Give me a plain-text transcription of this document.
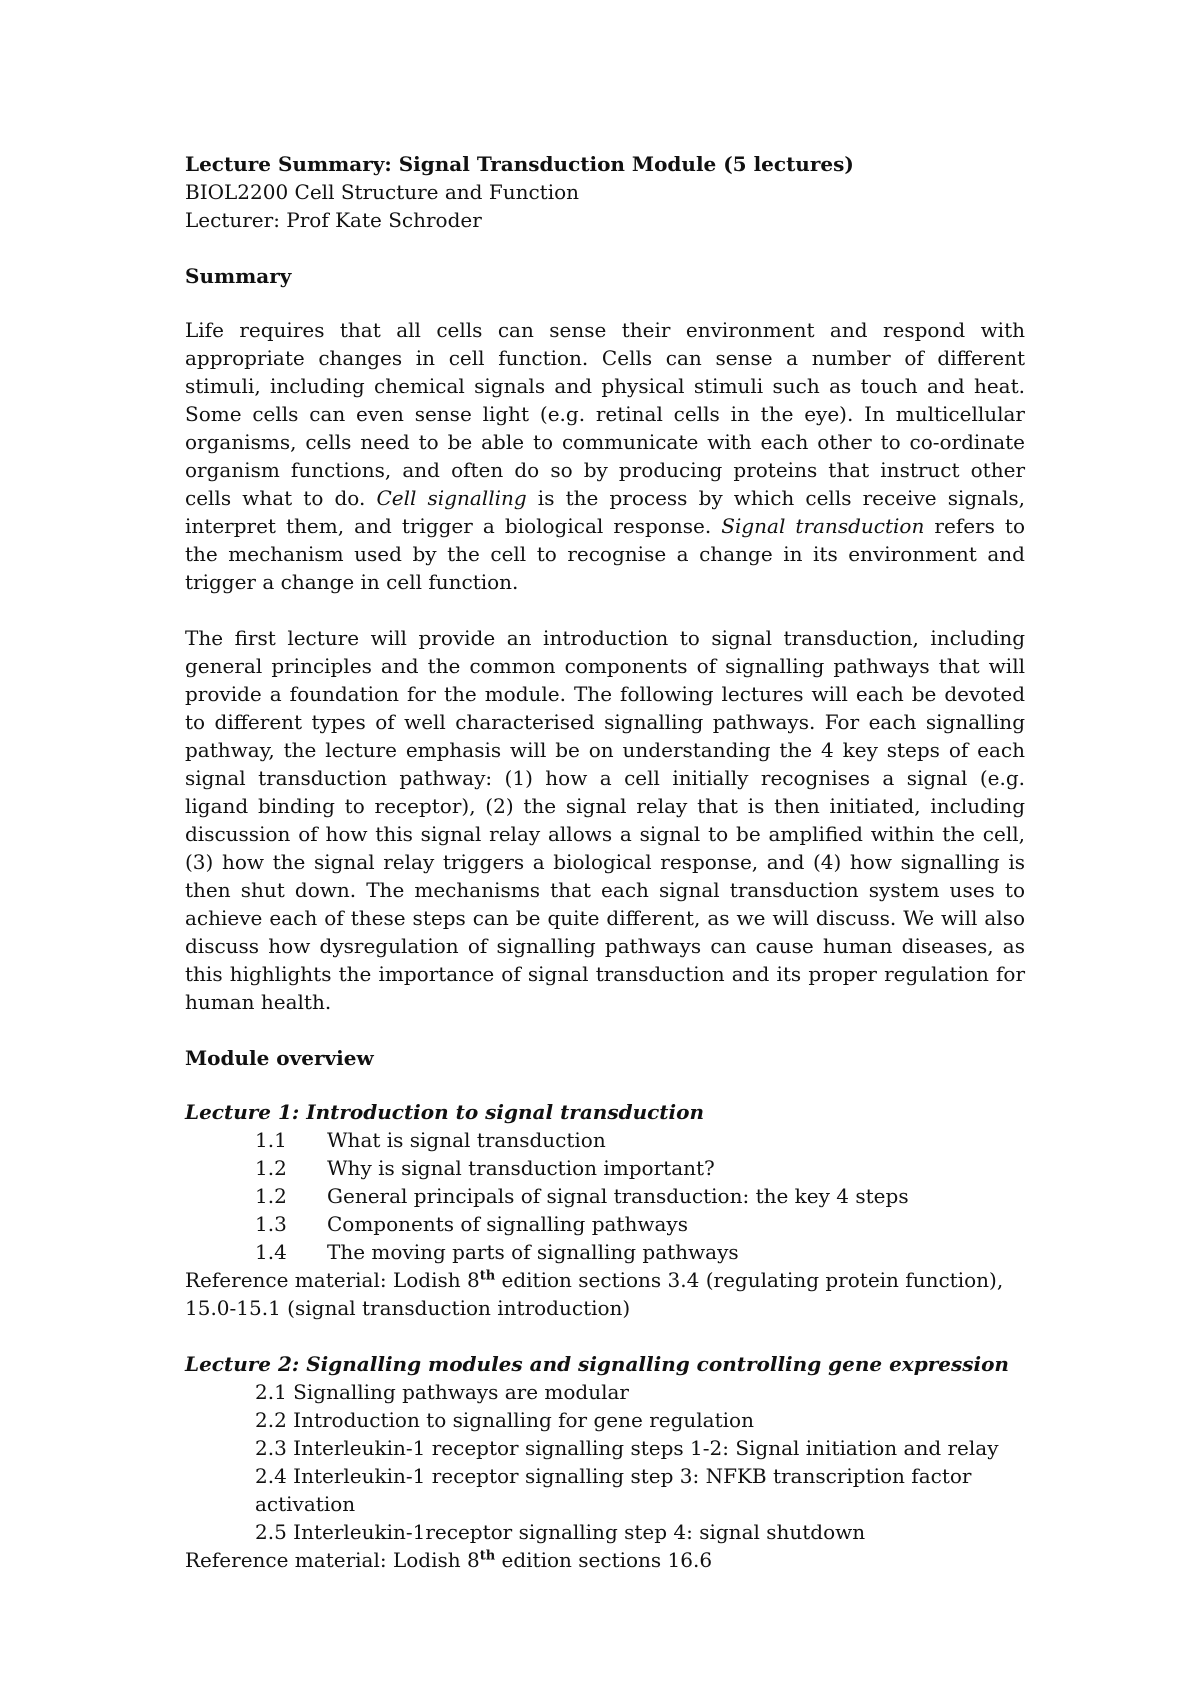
Lecture Summary: Signal Transduction Module (5 lectures)

BIOL2200 Cell Structure and Function

Lecturer: Prof Kate Schroder

Summary

Life requires that all cells can sense their environment and respond with appropriate changes in cell function. Cells can sense a number of different stimuli, including chemical signals and physical stimuli such as touch and heat. Some cells can even sense light (e.g. retinal cells in the eye). In multicellular organisms, cells need to be able to communicate with each other to co-ordinate organism functions, and often do so by producing proteins that instruct other cells what to do. Cell signalling is the process by which cells receive signals, interpret them, and trigger a biological response. Signal transduction refers to the mechanism used by the cell to recognise a change in its environment and trigger a change in cell function.

The first lecture will provide an introduction to signal transduction, including general principles and the common components of signalling pathways that will provide a foundation for the module. The following lectures will each be devoted to different types of well characterised signalling pathways. For each signalling pathway, the lecture emphasis will be on understanding the 4 key steps of each signal transduction pathway: (1) how a cell initially recognises a signal (e.g. ligand binding to receptor), (2) the signal relay that is then initiated, including discussion of how this signal relay allows a signal to be amplified within the cell, (3) how the signal relay triggers a biological response, and (4) how signalling is then shut down. The mechanisms that each signal transduction system uses to achieve each of these steps can be quite different, as we will discuss. We will also discuss how dysregulation of signalling pathways can cause human diseases, as this highlights the importance of signal transduction and its proper regulation for human health.

Module overview

Lecture 1: Introduction to signal transduction

1.1	What is signal transduction
1.2	Why is signal transduction important?
1.2	General principals of signal transduction: the key 4 steps
1.3	Components of signalling pathways
1.4	The moving parts of signalling pathways

Reference material: Lodish 8th edition sections 3.4 (regulating protein function), 15.0-15.1 (signal transduction introduction)

Lecture 2: Signalling modules and signalling controlling gene expression

2.1 Signalling pathways are modular

2.2 Introduction to signalling for gene regulation

2.3 Interleukin-1 receptor signalling steps 1-2: Signal initiation and relay

2.4 Interleukin-1 receptor signalling step 3: NFKB transcription factor activation

2.5 Interleukin-1receptor signalling step 4: signal shutdown

Reference material: Lodish 8th edition sections 16.6
